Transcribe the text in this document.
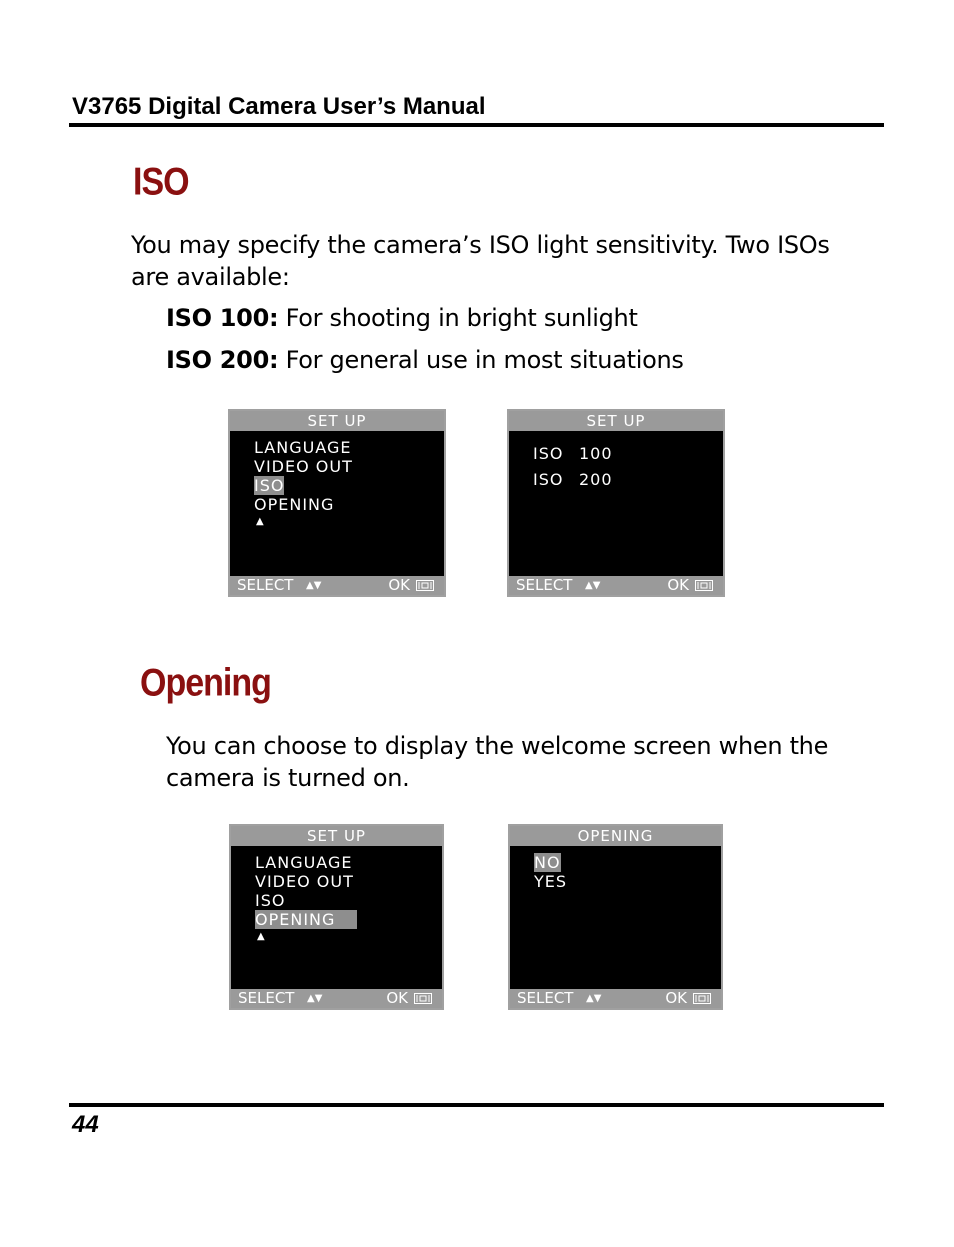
V3765 Digital Camera User’s Manual
ISO
You may specify the camera’s ISO light sensitivity. Two ISOs are available:
ISO 100: For shooting in bright sunlight
ISO 200: For general use in most situations
SET UP
LANGUAGE
VIDEO OUT
ISO
OPENING
▲
SELECT ▲▼	OK
SET UP
ISO 100
ISO 200
SELECT ▲▼	OK
Opening
You can choose to display the welcome screen when the camera is turned on.
SET UP
LANGUAGE
VIDEO OUT
ISO
OPENING
▲
SELECT ▲▼	OK
OPENING
NO
YES
SELECT ▲▼	OK
44
